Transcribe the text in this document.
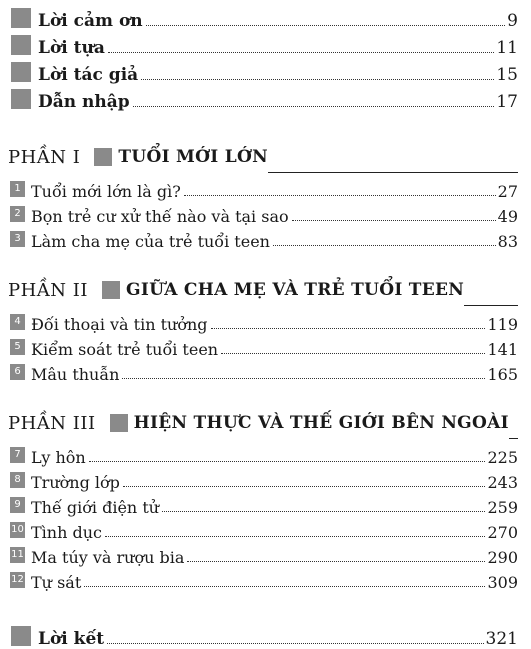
Lời cảm ơn	9
Lời tựa	11
Lời tác giả	15
Dẫn nhập	17
PHẦN I TUỔI MỚI LỚN
1 Tuổi mới lớn là gì?	27
2 Bọn trẻ cư xử thế nào và tại sao	49
3 Làm cha mẹ của trẻ tuổi teen	83
PHẦN II GIỮA CHA MẸ VÀ TRẺ TUỔI TEEN
4 Đối thoại và tin tưởng	119
5 Kiểm soát trẻ tuổi teen	141
6 Mâu thuẫn	165
PHẦN III HIỆN THỰC VÀ THẾ GIỚI BÊN NGOÀI
7 Ly hôn	225
8 Trường lớp	243
9 Thế giới điện tử	259
10 Tình dục	270
11 Ma túy và rượu bia	290
12 Tự sát	309
Lời kết	321
